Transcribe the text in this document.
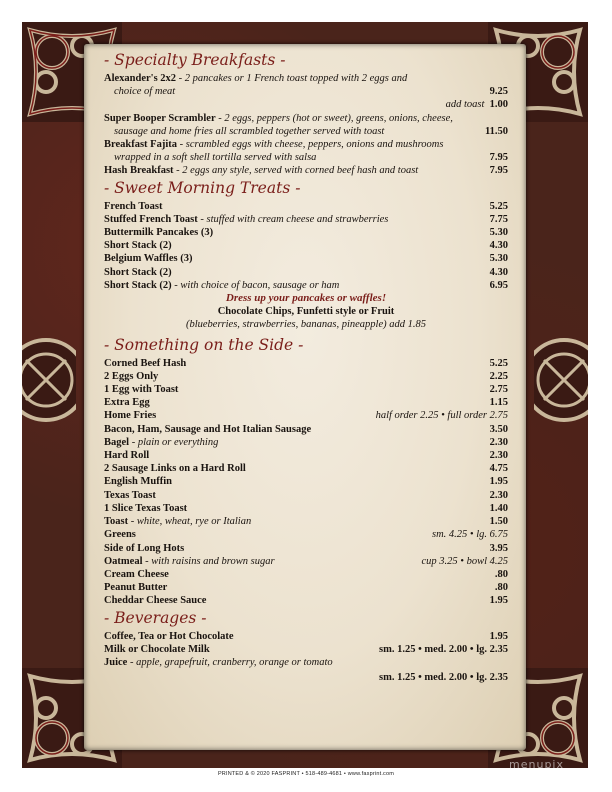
- Specialty Breakfasts -
Alexander's 2x2 - 2 pancakes or 1 French toast topped with 2 eggs and
choice of meat	9.25
add toast 1.00
Super Booper Scrambler - 2 eggs, peppers (hot or sweet), greens, onions, cheese,
sausage and home fries all scrambled together served with toast	11.50
Breakfast Fajita - scrambled eggs with cheese, peppers, onions and mushrooms
wrapped in a soft shell tortilla served with salsa	7.95
Hash Breakfast - 2 eggs any style, served with corned beef hash and toast	7.95
- Sweet Morning Treats -
French Toast	5.25
Stuffed French Toast - stuffed with cream cheese and strawberries	7.75
Buttermilk Pancakes (3)	5.30
Short Stack (2)	4.30
Belgium Waffles (3)	5.30
Short Stack (2)	4.30
Short Stack (2) - with choice of bacon, sausage or ham	6.95
Dress up your pancakes or waffles!
Chocolate Chips, Funfetti style or Fruit
(blueberries, strawberries, bananas, pineapple) add 1.85
- Something on the Side -
Corned Beef Hash	5.25
2 Eggs Only	2.25
1 Egg with Toast	2.75
Extra Egg	1.15
Home Fries	half order 2.25 • full order 2.75
Bacon, Ham, Sausage and Hot Italian Sausage	3.50
Bagel - plain or everything	2.30
Hard Roll	2.30
2 Sausage Links on a Hard Roll	4.75
English Muffin	1.95
Texas Toast	2.30
1 Slice Texas Toast	1.40
Toast - white, wheat, rye or Italian	1.50
Greens	sm. 4.25 • lg. 6.75
Side of Long Hots	3.95
Oatmeal - with raisins and brown sugar	cup 3.25 • bowl 4.25
Cream Cheese	.80
Peanut Butter	.80
Cheddar Cheese Sauce	1.95
- Beverages -
Coffee, Tea or Hot Chocolate	1.95
Milk or Chocolate Milk	sm. 1.25 • med. 2.00 • lg. 2.35
Juice - apple, grapefruit, cranberry, orange or tomato
sm. 1.25 • med. 2.00 • lg. 2.35
PRINTED & © 2020 FASPRINT • 518-489-4681 • www.fasprint.com
menupix
